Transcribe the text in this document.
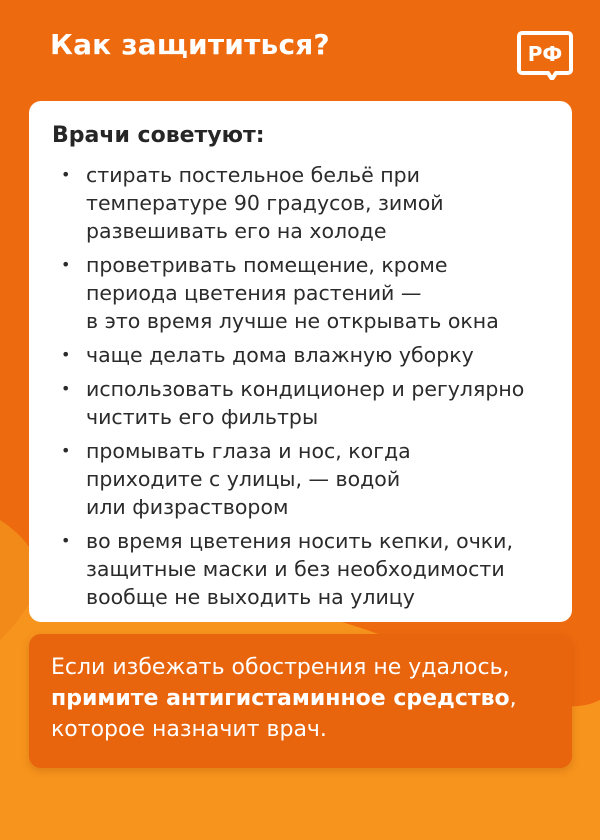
Как защититься?	РФ
Врачи советуют:
• стирать постельное бельё при
температуре 90 градусов, зимой
развешивать его на холоде
• проветривать помещение, кроме
периода цветения растений —
в это время лучше не открывать окна
• чаще делать дома влажную уборку
• использовать кондиционер и регулярно
чистить его фильтры
• промывать глаза и нос, когда
приходите с улицы, — водой
или физраствором
• во время цветения носить кепки, очки,
защитные маски и без необходимости
вообще не выходить на улицу

Если избежать обострения не удалось,
примите антигистаминное средство,
которое назначит врач.
